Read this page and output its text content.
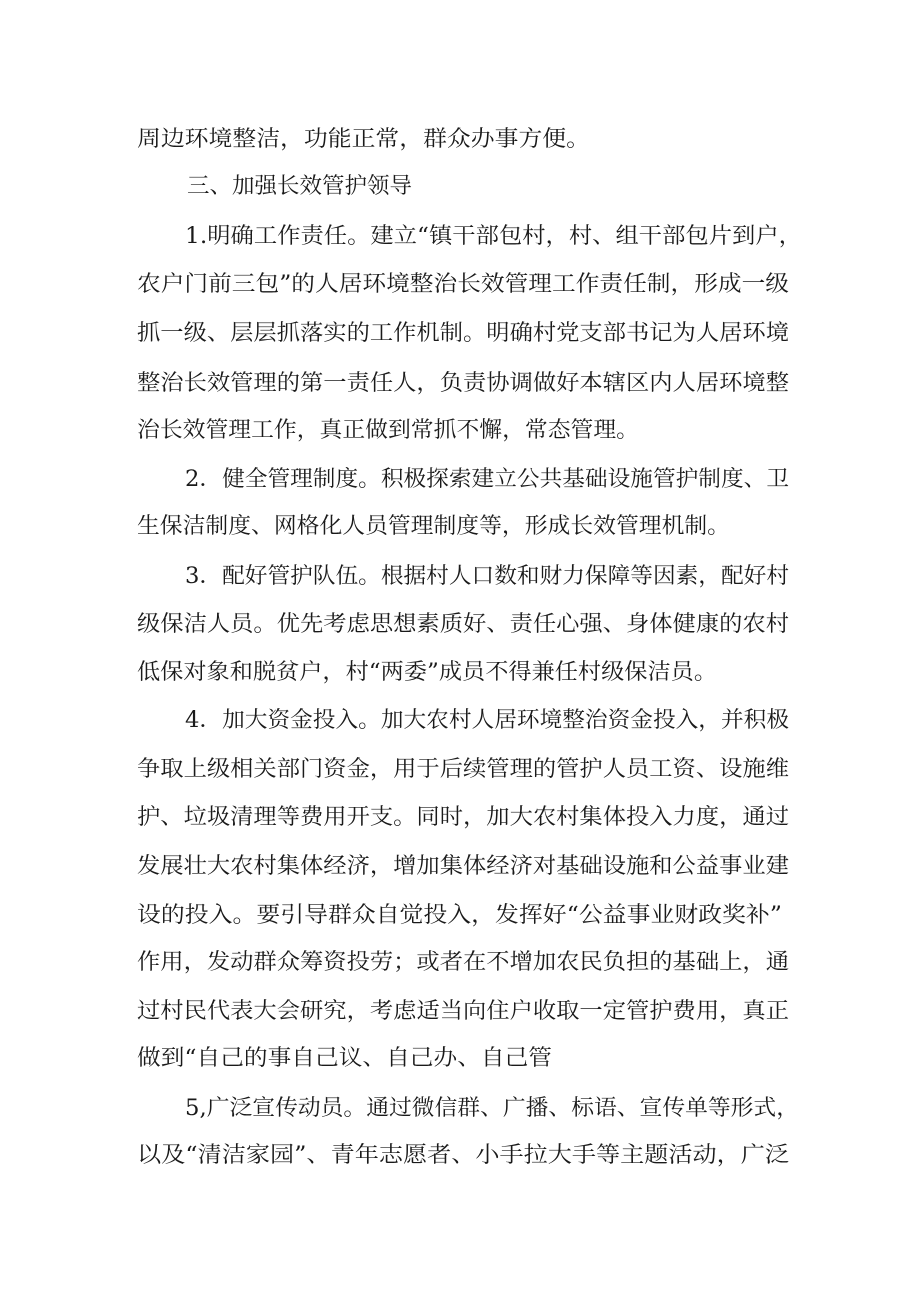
周边环境整洁，功能正常，群众办事方便。
三、加强长效管护领导
1.明确工作责任。建立“镇干部包村，村、组干部包片到户，
农户门前三包”的人居环境整治长效管理工作责任制，形成一级
抓一级、层层抓落实的工作机制。明确村党支部书记为人居环境
整治长效管理的第一责任人，负责协调做好本辖区内人居环境整
治长效管理工作，真正做到常抓不懈，常态管理。
2．健全管理制度。积极探索建立公共基础设施管护制度、卫
生保洁制度、网格化人员管理制度等，形成长效管理机制。
3．配好管护队伍。根据村人口数和财力保障等因素，配好村
级保洁人员。优先考虑思想素质好、责任心强、身体健康的农村
低保对象和脱贫户，村“两委”成员不得兼任村级保洁员。
4．加大资金投入。加大农村人居环境整治资金投入，并积极
争取上级相关部门资金，用于后续管理的管护人员工资、设施维
护、垃圾清理等费用开支。同时，加大农村集体投入力度，通过
发展壮大农村集体经济，增加集体经济对基础设施和公益事业建
设的投入。要引导群众自觉投入，发挥好“公益事业财政奖补”
作用，发动群众筹资投劳；或者在不增加农民负担的基础上，通
过村民代表大会研究，考虑适当向住户收取一定管护费用，真正
做到“自己的事自己议、自己办、自己管
5,广泛宣传动员。通过微信群、广播、标语、宣传单等形式，
以及“清洁家园”、青年志愿者、小手拉大手等主题活动，广泛
